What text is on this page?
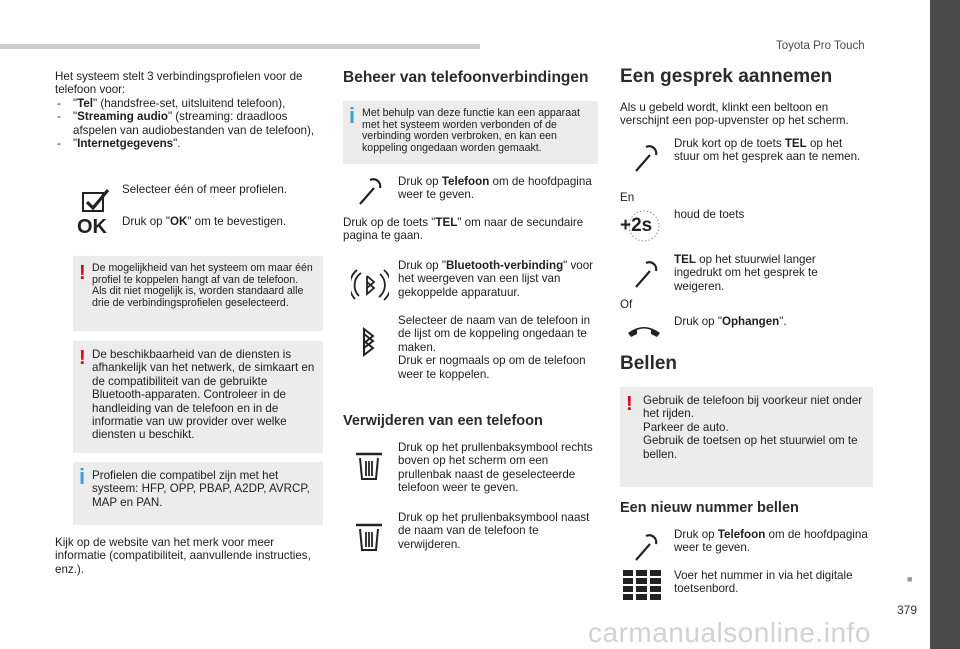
Toyota Pro Touch
■
379
carmanualsonline.info
Het systeem stelt 3 verbindingsprofielen voor de telefoon voor:
- "Tel" (handsfree-set, uitsluitend telefoon),
- "Streaming audio" (streaming: draadloos afspelen van audiobestanden van de telefoon),
- "Internetgegevens".
Selecteer één of meer profielen.
OK Druk op "OK" om te bevestigen.
! De mogelijkheid van het systeem om maar één profiel te koppelen hangt af van de telefoon.
Als dit niet mogelijk is, worden standaard alle drie de verbindingsprofielen geselecteerd.
! De beschikbaarheid van de diensten is afhankelijk van het netwerk, de simkaart en de compatibiliteit van de gebruikte Bluetooth-apparaten. Controleer in de handleiding van de telefoon en in de informatie van uw provider over welke diensten u beschikt.
i Profielen die compatibel zijn met het systeem: HFP, OPP, PBAP, A2DP, AVRCP, MAP en PAN.
Kijk op de website van het merk voor meer informatie (compatibiliteit, aanvullende instructies, enz.).
Beheer van telefoonverbindingen
i Met behulp van deze functie kan een apparaat met het systeem worden verbonden of de verbinding worden verbroken, en kan een koppeling ongedaan worden gemaakt.
Druk op Telefoon om de hoofdpagina weer te geven.
Druk op de toets "TEL" om naar de secundaire pagina te gaan.
Druk op "Bluetooth-verbinding" voor het weergeven van een lijst van gekoppelde apparatuur.
Selecteer de naam van de telefoon in de lijst om de koppeling ongedaan te maken.
Druk er nogmaals op om de telefoon weer te koppelen.
Verwijderen van een telefoon
Druk op het prullenbaksymbool rechts boven op het scherm om een prullenbak naast de geselecteerde telefoon weer te geven.
Druk op het prullenbaksymbool naast de naam van de telefoon te verwijderen.
Een gesprek aannemen
Als u gebeld wordt, klinkt een beltoon en verschijnt een pop-upvenster op het scherm.
Druk kort op de toets TEL op het stuur om het gesprek aan te nemen.
En
+2s
houd de toets
TEL op het stuurwiel langer ingedrukt om het gesprek te weigeren.
Of
Druk op "Ophangen".
Bellen
! Gebruik de telefoon bij voorkeur niet onder het rijden.
Parkeer de auto.
Gebruik de toetsen op het stuurwiel om te bellen.
Een nieuw nummer bellen
Druk op Telefoon om de hoofdpagina weer te geven.
Voer het nummer in via het digitale toetsenbord.
